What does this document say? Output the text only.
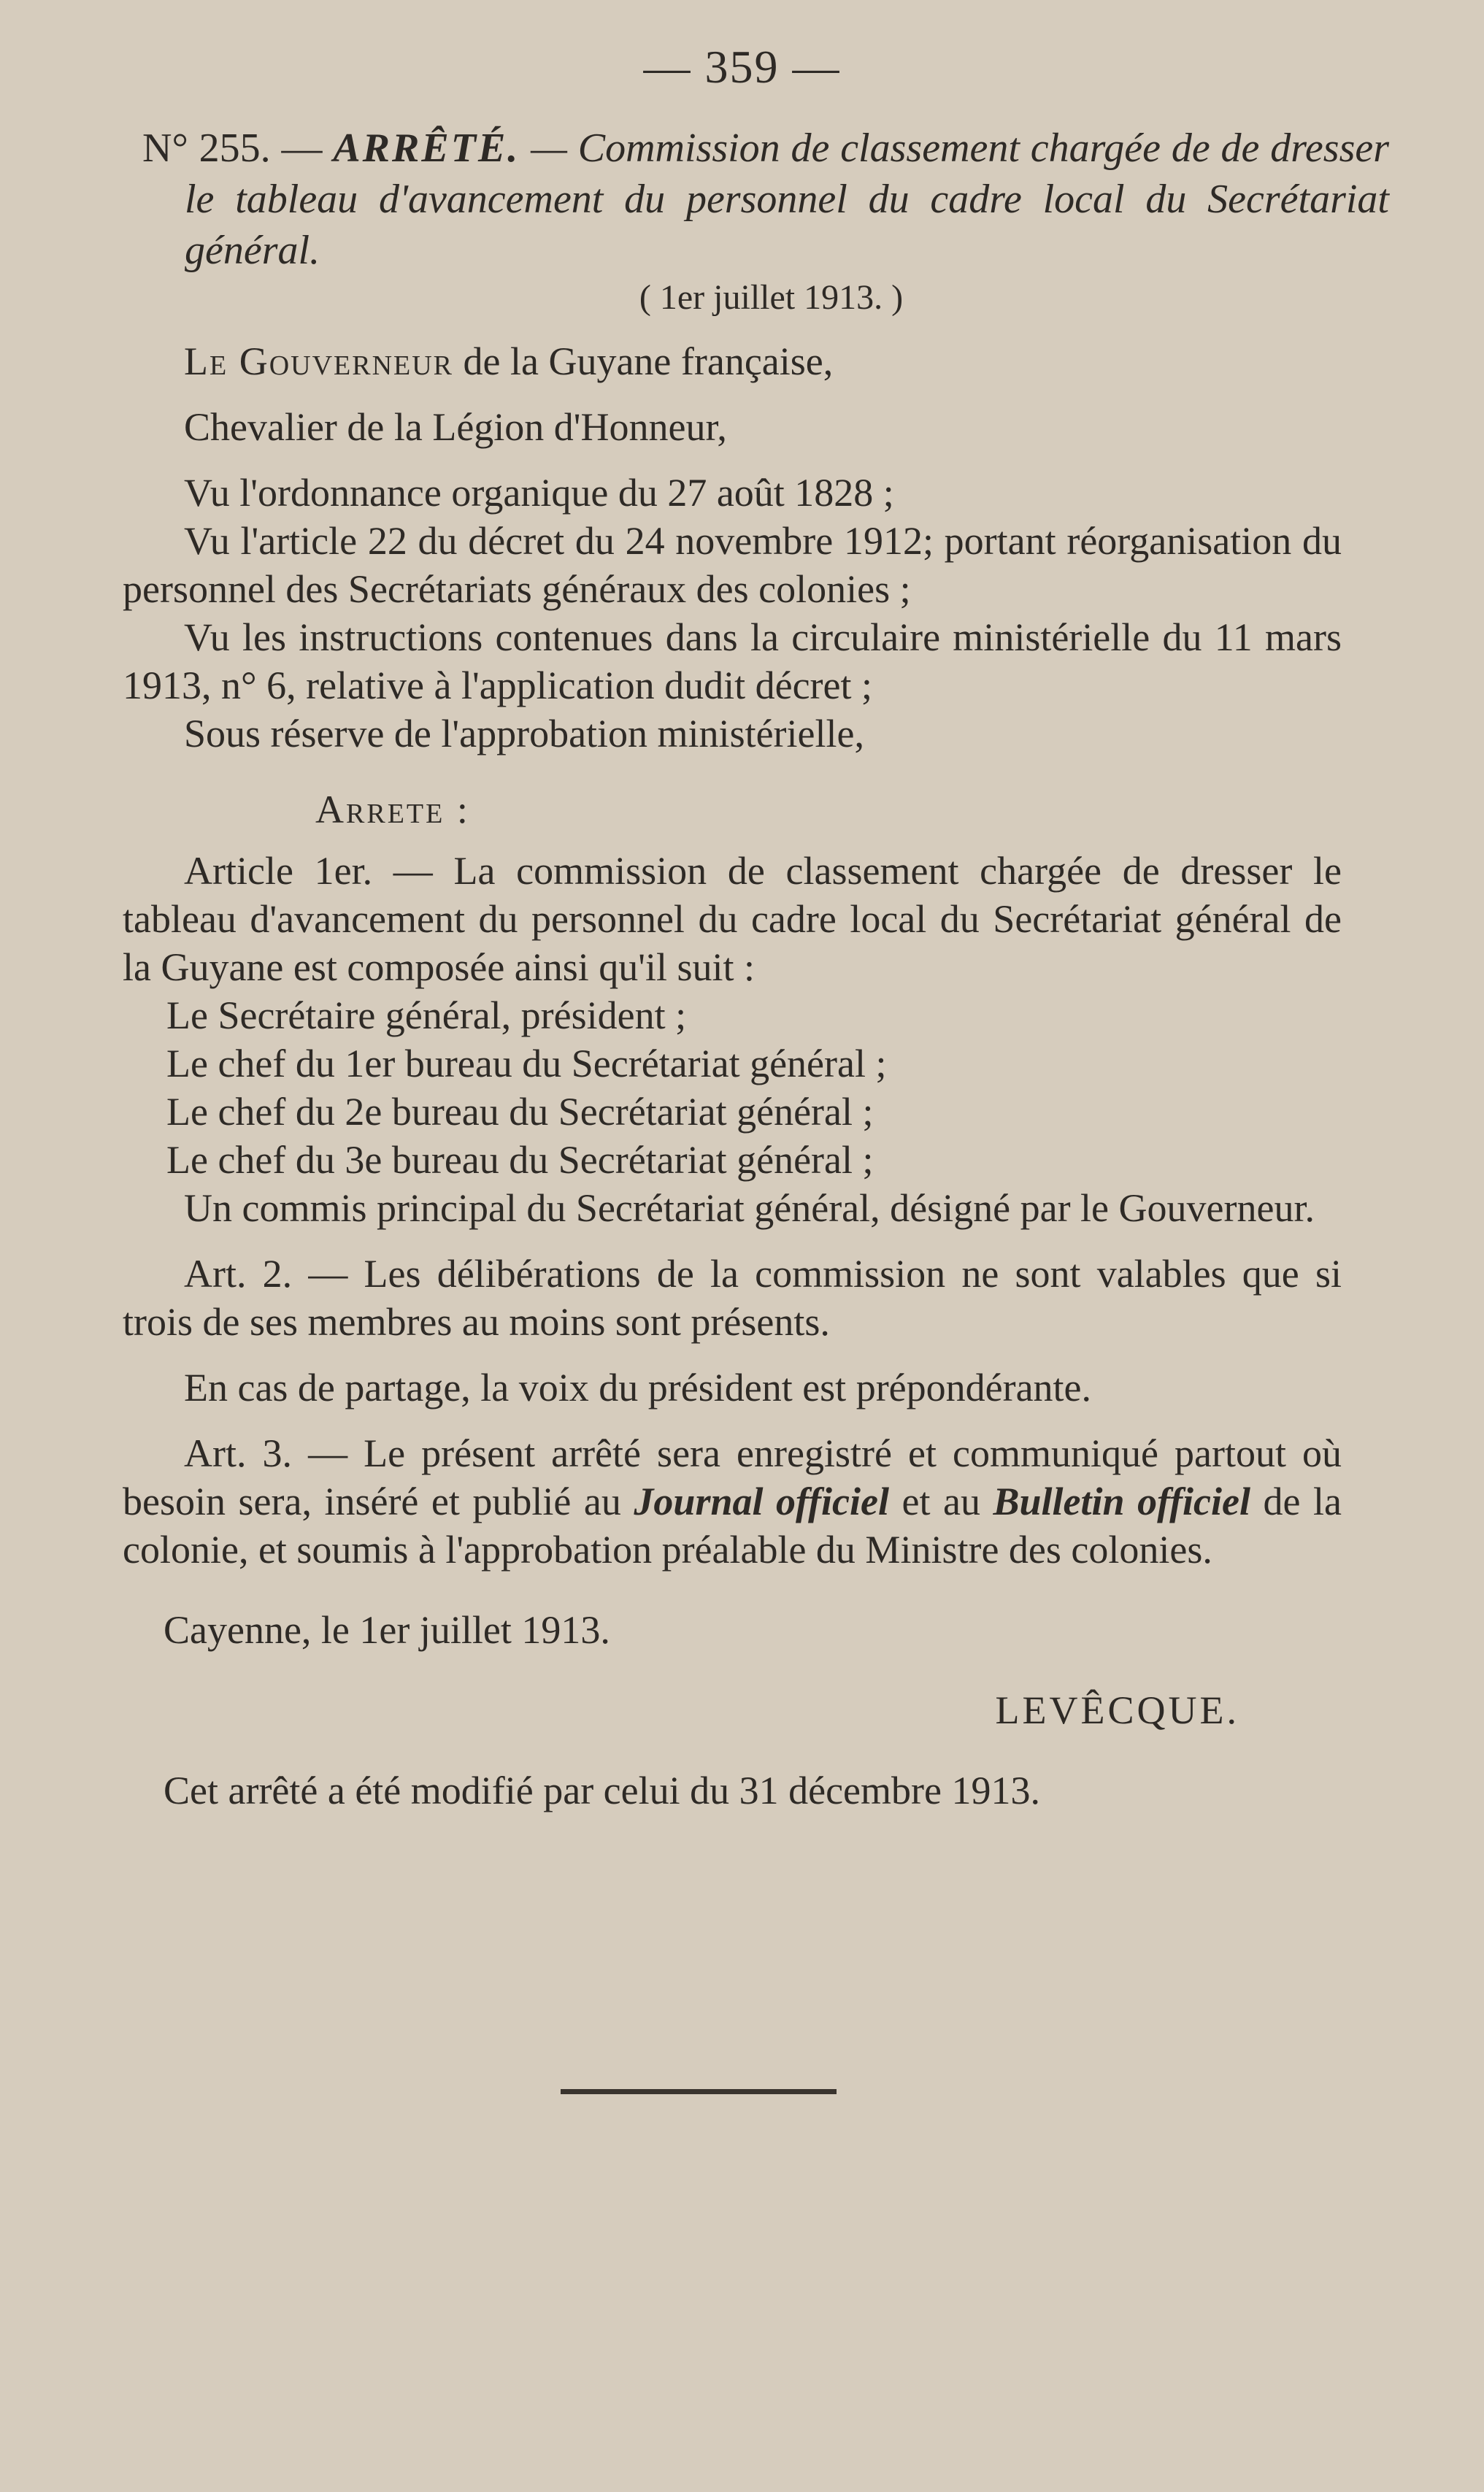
— 359 —
N° 255. — ARRÊTÉ. — Commission de classement chargée de de dresser le tableau d'avancement du personnel du cadre local du Secrétariat général.
( 1er juillet 1913. )

Le Gouverneur de la Guyane française,

Chevalier de la Légion d'Honneur,

Vu l'ordonnance organique du 27 août 1828 ;

Vu l'article 22 du décret du 24 novembre 1912; portant réorganisation du personnel des Secrétariats généraux des colonies ;

Vu les instructions contenues dans la circulaire ministérielle du 11 mars 1913, n° 6, relative à l'application dudit décret ;

Sous réserve de l'approbation ministérielle,

Arrete :

Article 1er. — La commission de classement chargée de dresser le tableau d'avancement du personnel du cadre local du Secrétariat général de la Guyane est composée ainsi qu'il suit :

Le Secrétaire général, président ;

Le chef du 1er bureau du Secrétariat général ;

Le chef du 2e bureau du Secrétariat général ;

Le chef du 3e bureau du Secrétariat général ;

Un commis principal du Secrétariat général, désigné par le Gouverneur.

Art. 2. — Les délibérations de la commission ne sont valables que si trois de ses membres au moins sont présents.

En cas de partage, la voix du président est prépondérante.

Art. 3. — Le présent arrêté sera enregistré et communiqué partout où besoin sera, inséré et publié au Journal officiel et au Bulletin officiel de la colonie, et soumis à l'approbation préalable du Ministre des colonies.

Cayenne, le 1er juillet 1913.

LEVÊCQUE.

Cet arrêté a été modifié par celui du 31 décembre 1913.
